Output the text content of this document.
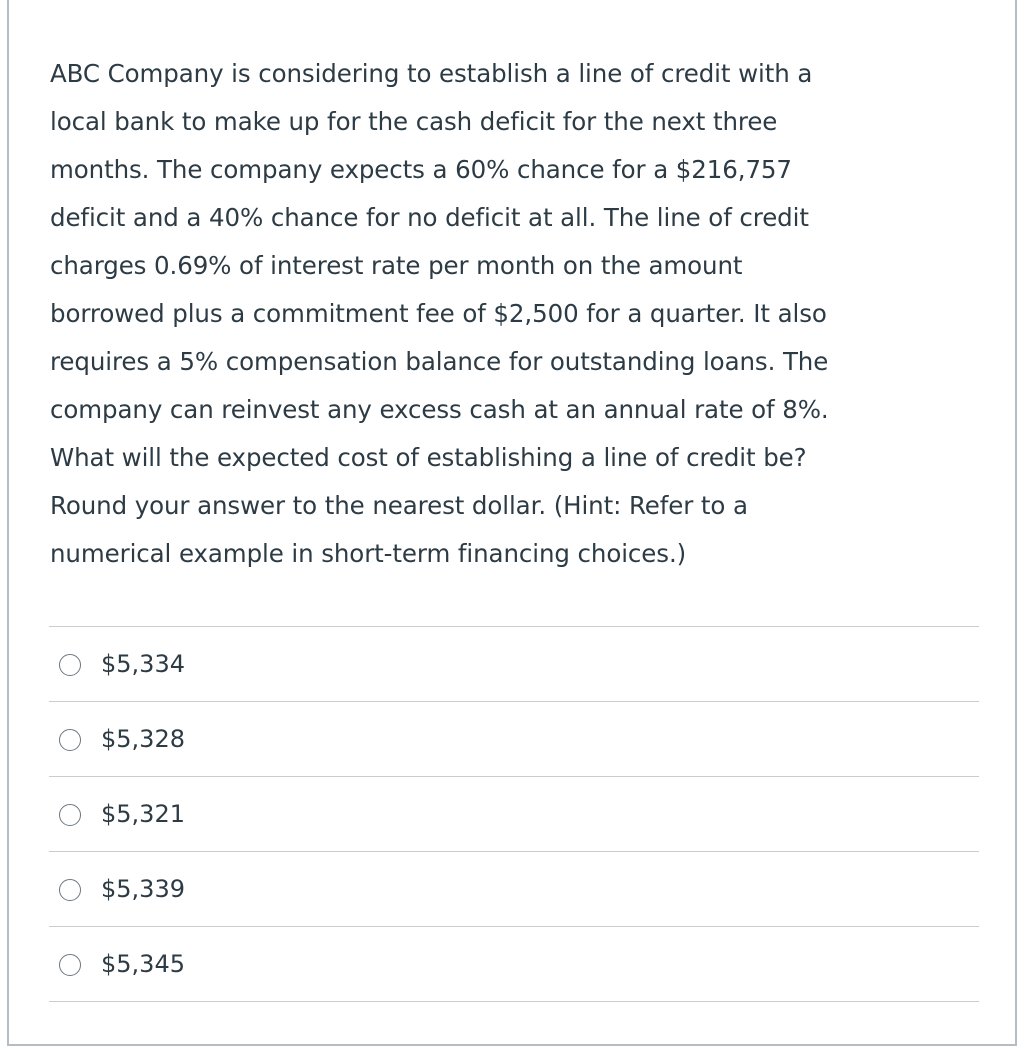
ABC Company is considering to establish a line of credit with a
local bank to make up for the cash deficit for the next three
months. The company expects a 60% chance for a $216,757
deficit and a 40% chance for no deficit at all. The line of credit
charges 0.69% of interest rate per month on the amount
borrowed plus a commitment fee of $2,500 for a quarter. It also
requires a 5% compensation balance for outstanding loans. The
company can reinvest any excess cash at an annual rate of 8%.
What will the expected cost of establishing a line of credit be?
Round your answer to the nearest dollar. (Hint: Refer to a
numerical example in short-term financing choices.)
$5,334
$5,328
$5,321
$5,339
$5,345
